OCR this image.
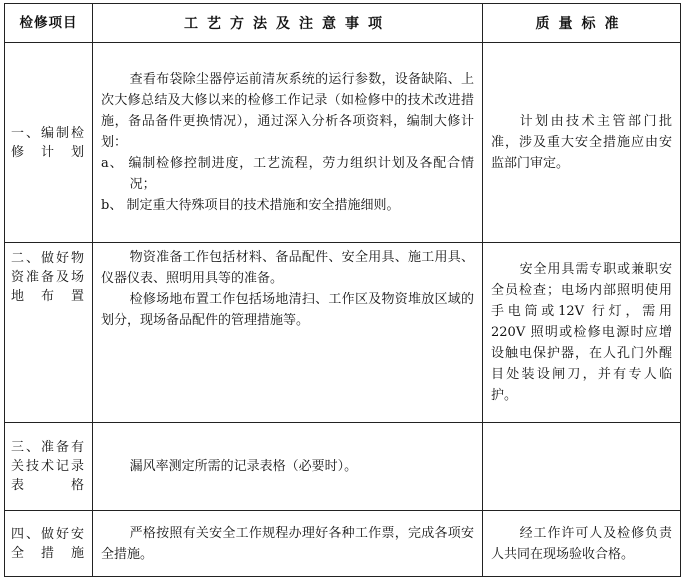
检修项目	工艺方法及注意事项	质量标准
一、编制检修计划	查看布袋除尘器停运前清灰系统的运行参数，设备缺陷、上次大修总结及大修以来的检修工作记录（如检修中的技术改进措施，备品备件更换情况），通过深入分析各项资料，编制大修计划：

a、 编制检修控制进度，工艺流程，劳力组织计划及各配合情况；

b、 制定重大待殊项目的技术措施和安全措施细则。	计划由技术主管部门批准，涉及重大安全措施应由安监部门审定。

二、做好物资准备及场地布置	物资准备工作包括材料、备品配件、安全用具、施工用具、仪器仪表、照明用具等的准备。

检修场地布置工作包括场地清扫、工作区及物资堆放区域的划分，现场备品配件的管理措施等。	安全用具需专职或兼职安全员检查；电场内部照明使用手电筒或12V 行灯，需用220V 照明或检修电源时应增设触电保护器，在人孔门外醒目处装设闸刀，并有专人临护。

三、准备有关技术记录表格	漏风率测定所需的记录表格（必要时）。	

四、做好安全措施	严格按照有关安全工作规程办理好各种工作票，完成各项安全措施。	经工作许可人及检修负责人共同在现场验收合格。
